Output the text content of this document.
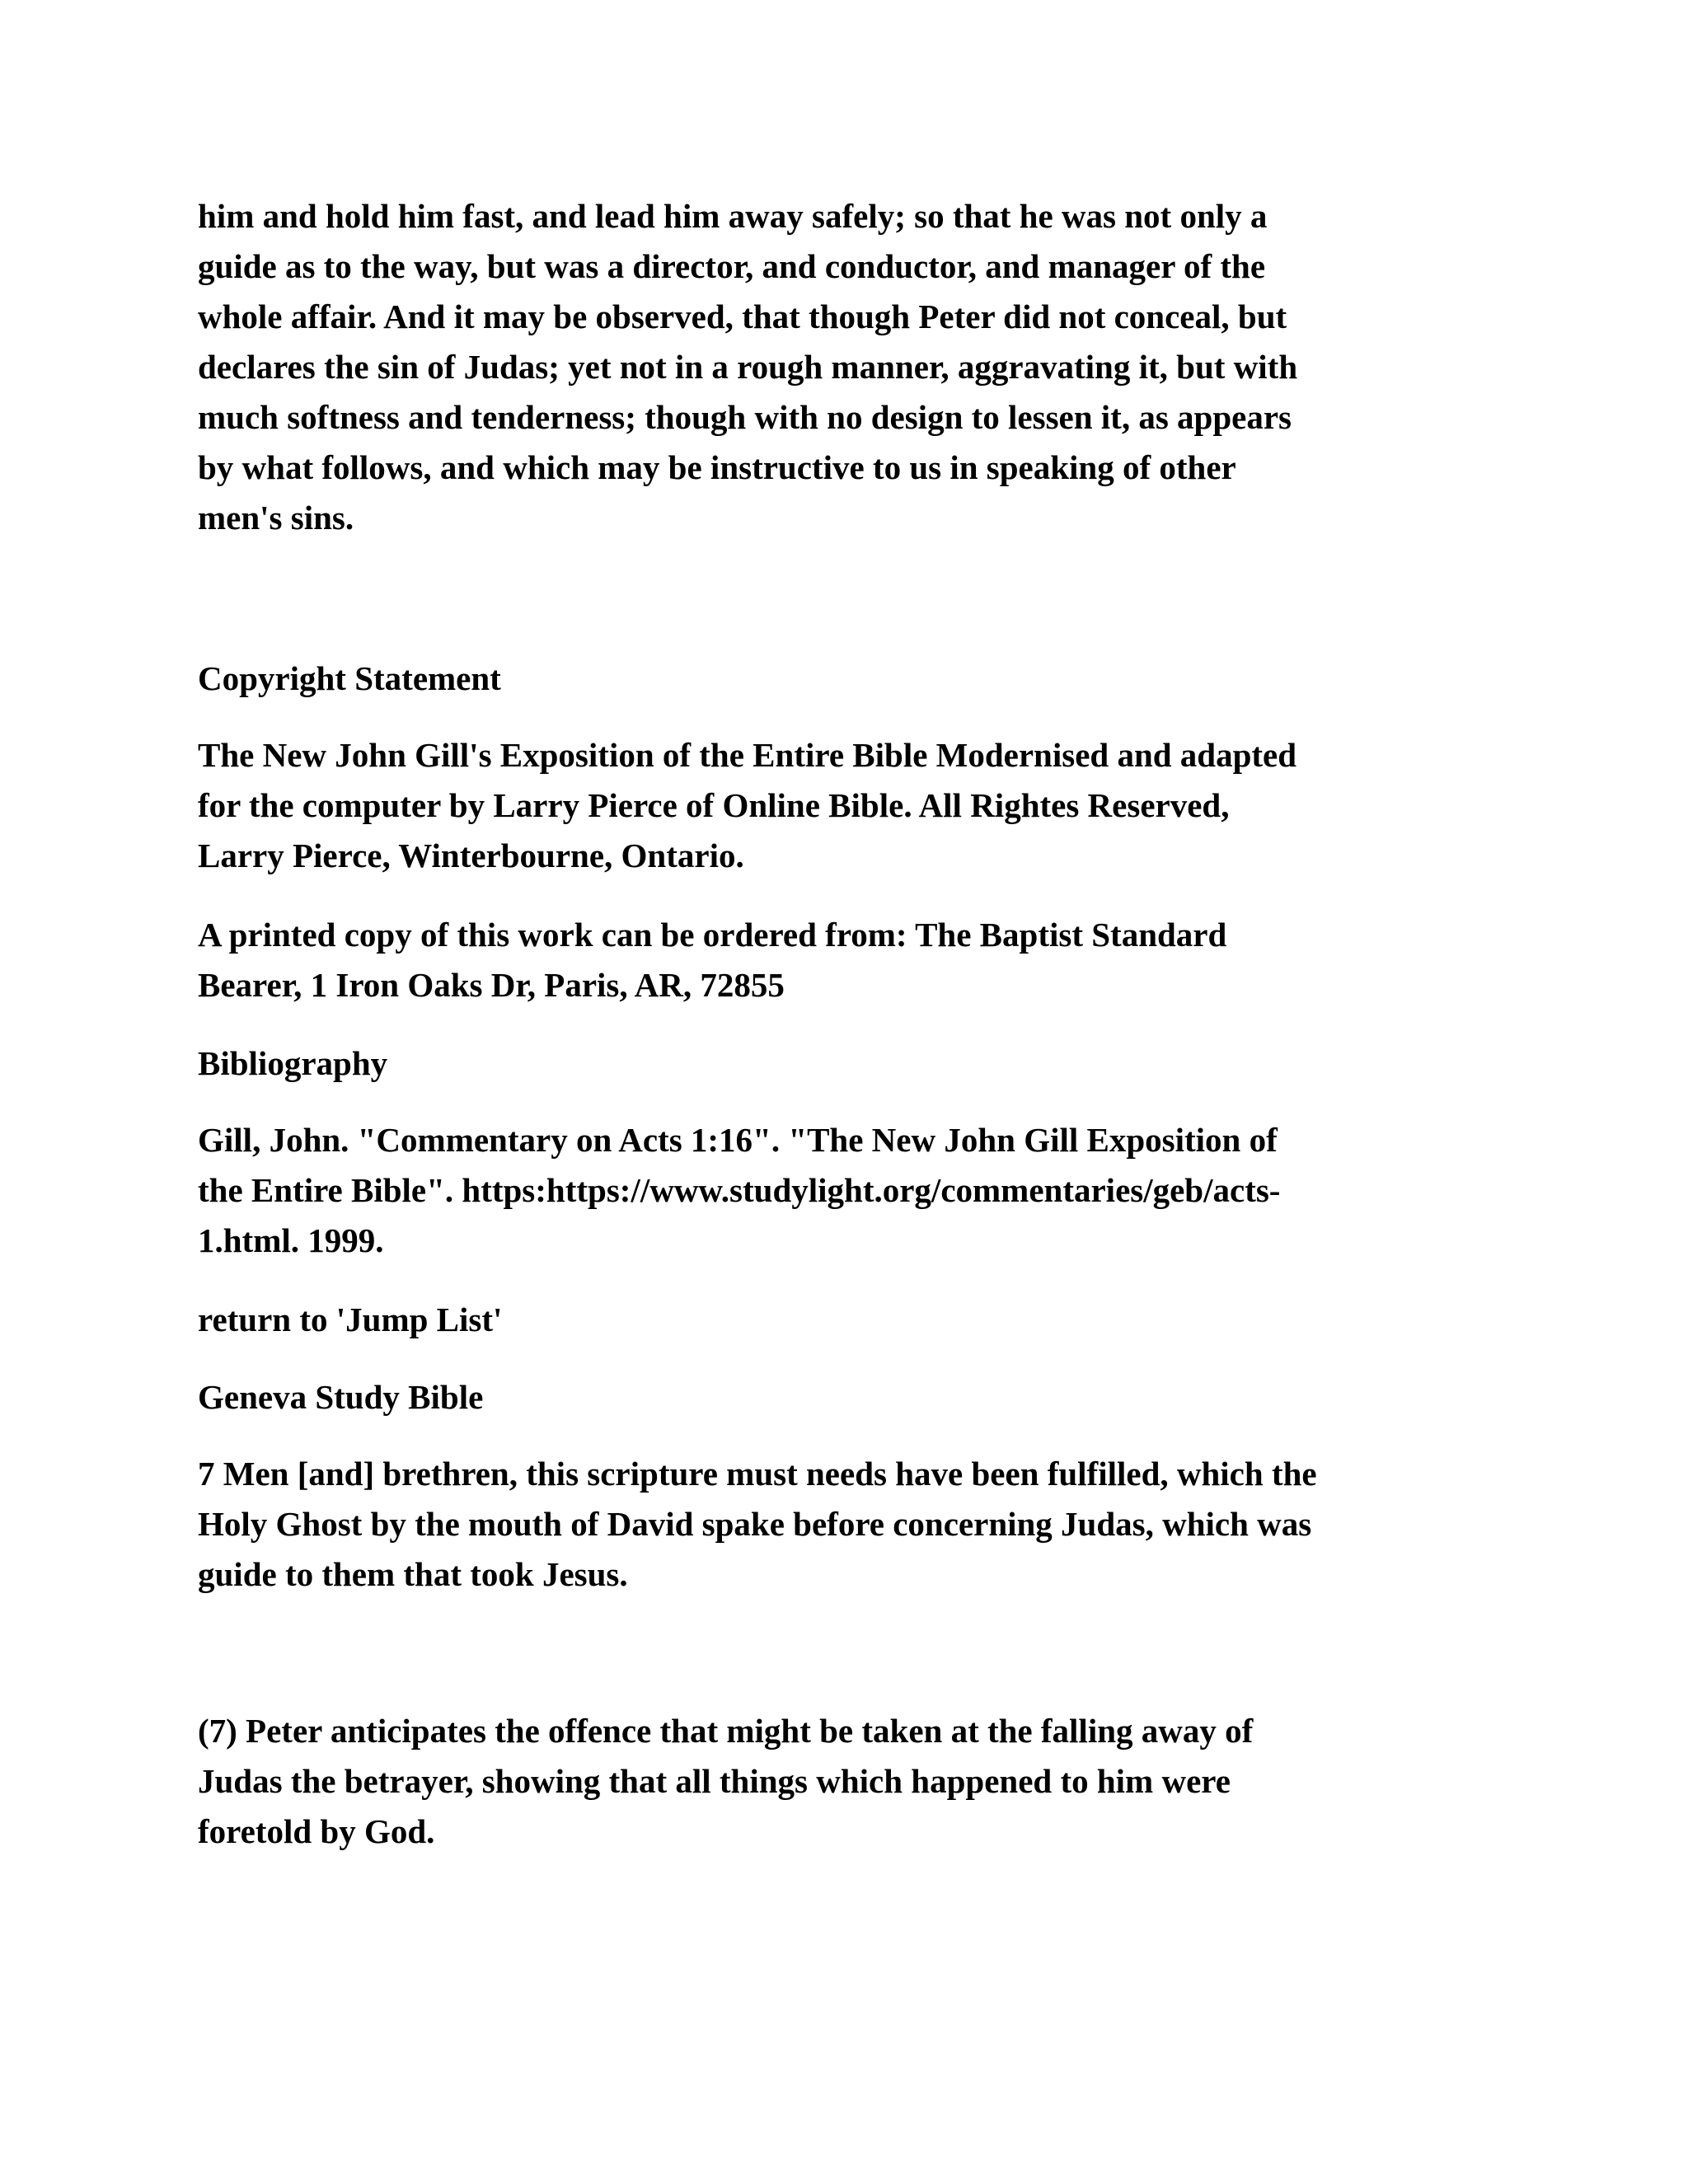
him and hold him fast, and lead him away safely; so that he was not only a
guide as to the way, but was a director, and conductor, and manager of the
whole affair. And it may be observed, that though Peter did not conceal, but
declares the sin of Judas; yet not in a rough manner, aggravating it, but with
much softness and tenderness; though with no design to lessen it, as appears
by what follows, and which may be instructive to us in speaking of other
men's sins.

Copyright Statement

The New John Gill's Exposition of the Entire Bible Modernised and adapted
for the computer by Larry Pierce of Online Bible. All Rightes Reserved,
Larry Pierce, Winterbourne, Ontario.

A printed copy of this work can be ordered from: The Baptist Standard
Bearer, 1 Iron Oaks Dr, Paris, AR, 72855

Bibliography

Gill, John. "Commentary on Acts 1:16". "The New John Gill Exposition of
the Entire Bible". https:https://www.studylight.org/commentaries/geb/acts-
1.html. 1999.

return to 'Jump List'

Geneva Study Bible

7 Men [and] brethren, this scripture must needs have been fulfilled, which the
Holy Ghost by the mouth of David spake before concerning Judas, which was
guide to them that took Jesus.

(7) Peter anticipates the offence that might be taken at the falling away of
Judas the betrayer, showing that all things which happened to him were
foretold by God.
